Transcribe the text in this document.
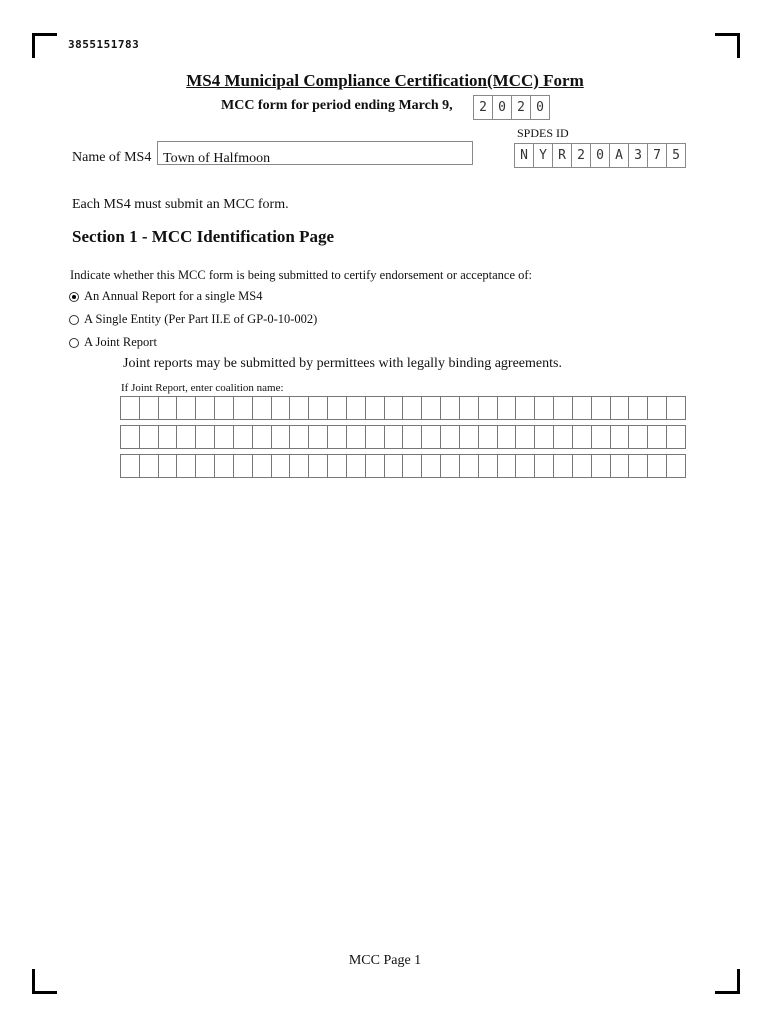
3855151783
MS4 Municipal Compliance Certification(MCC) Form
MCC form for period ending March 9,	2 0 2 0
SPDES ID
N Y R 2 0 A 3 7 5
Name of MS4 Town of Halfmoon
Each MS4 must submit an MCC form.
Section 1 - MCC Identification Page
Indicate whether this MCC form is being submitted to certify endorsement or acceptance of:
An Annual Report for a single MS4
A Single Entity (Per Part II.E of GP-0-10-002)
A Joint Report
Joint reports may be submitted by permittees with legally binding agreements.
If Joint Report, enter coalition name:
MCC Page 1
